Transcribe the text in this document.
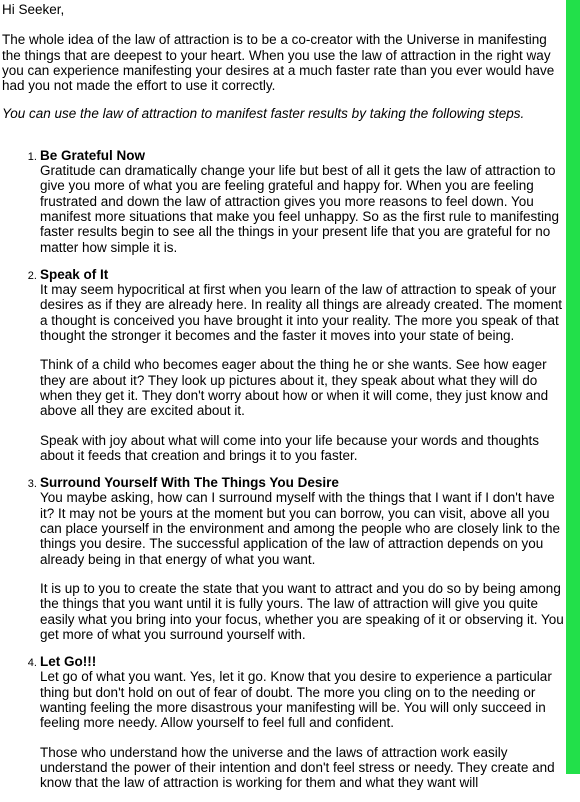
Hi Seeker,

The whole idea of the law of attraction is to be a co-creator with the Universe in manifesting the things that are deepest to your heart. When you use the law of attraction in the right way you can experience manifesting your desires at a much faster rate than you ever would have had you not made the effort to use it correctly.

You can use the law of attraction to manifest faster results by taking the following steps.

1. Be Grateful Now

Gratitude can dramatically change your life but best of all it gets the law of attraction to give you more of what you are feeling grateful and happy for. When you are feeling frustrated and down the law of attraction gives you more reasons to feel down. You manifest more situations that make you feel unhappy. So as the first rule to manifesting faster results begin to see all the things in your present life that you are grateful for no matter how simple it is.

2. Speak of It

It may seem hypocritical at first when you learn of the law of attraction to speak of your desires as if they are already here. In reality all things are already created. The moment a thought is conceived you have brought it into your reality. The more you speak of that thought the stronger it becomes and the faster it moves into your state of being.

Think of a child who becomes eager about the thing he or she wants. See how eager they are about it? They look up pictures about it, they speak about what they will do when they get it. They don't worry about how or when it will come, they just know and above all they are excited about it.

Speak with joy about what will come into your life because your words and thoughts about it feeds that creation and brings it to you faster.

3. Surround Yourself With The Things You Desire

You maybe asking, how can I surround myself with the things that I want if I don't have it? It may not be yours at the moment but you can borrow, you can visit, above all you can place yourself in the environment and among the people who are closely link to the things you desire. The successful application of the law of attraction depends on you already being in that energy of what you want.

It is up to you to create the state that you want to attract and you do so by being among the things that you want until it is fully yours. The law of attraction will give you quite easily what you bring into your focus, whether you are speaking of it or observing it. You get more of what you surround yourself with.

4. Let Go!!!

Let go of what you want. Yes, let it go. Know that you desire to experience a particular thing but don't hold on out of fear of doubt. The more you cling on to the needing or wanting feeling the more disastrous your manifesting will be. You will only succeed in feeling more needy. Allow yourself to feel full and confident.

Those who understand how the universe and the laws of attraction work easily understand the power of their intention and don't feel stress or needy. They create and know that the law of attraction is working for them and what they want will
